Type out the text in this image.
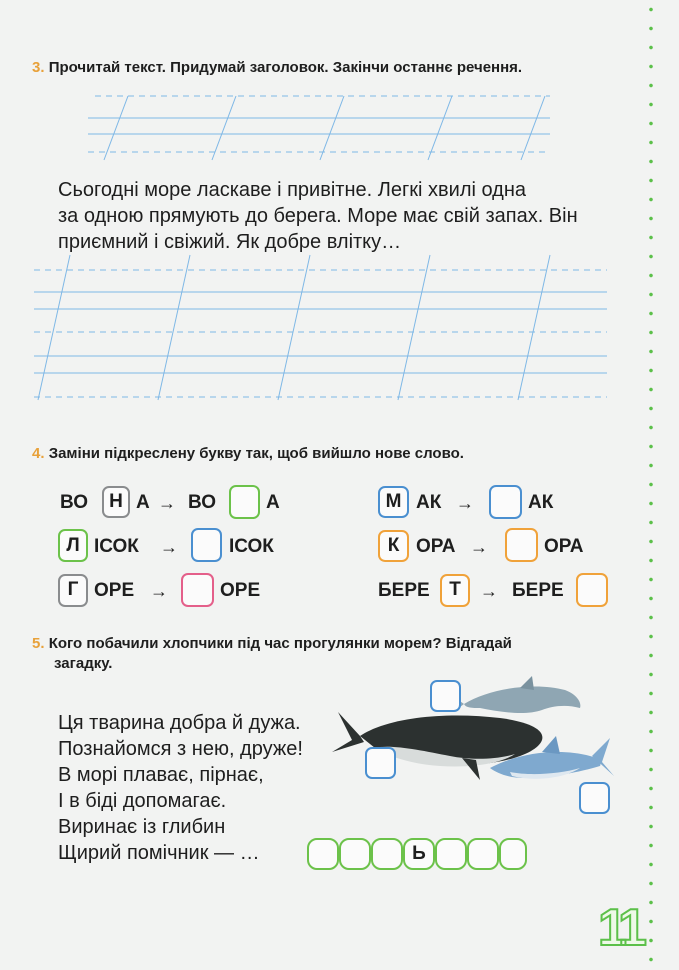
3. Прочитай текст. Придумай заголовок. Закінчи останнє речення.
Сьогодні море ласкаве і привітне. Легкі хвилі одна
за одною прямують до берега. Море має свій запах. Він
приємний і свіжий. Як добре влітку…
4. Заміни підкреслену букву так, щоб вийшло нове слово.
ВО	Н А → ВО	А
Л ІСОК →	ІСОК
Г ОРЕ →	ОРЕ
М АК →	АК
К ОРА →	ОРА
БЕРЕ	Т	→ БЕРЕ
5. Кого побачили хлопчики під час прогулянки морем? Відгадай
загадку.
Ця тварина добра й дужа.
Познайомся з нею, друже!
В морі плаває, пірнає,
І в біді допомагає.
Виринає із глибин
Щирий помічник — …	Ь
11
